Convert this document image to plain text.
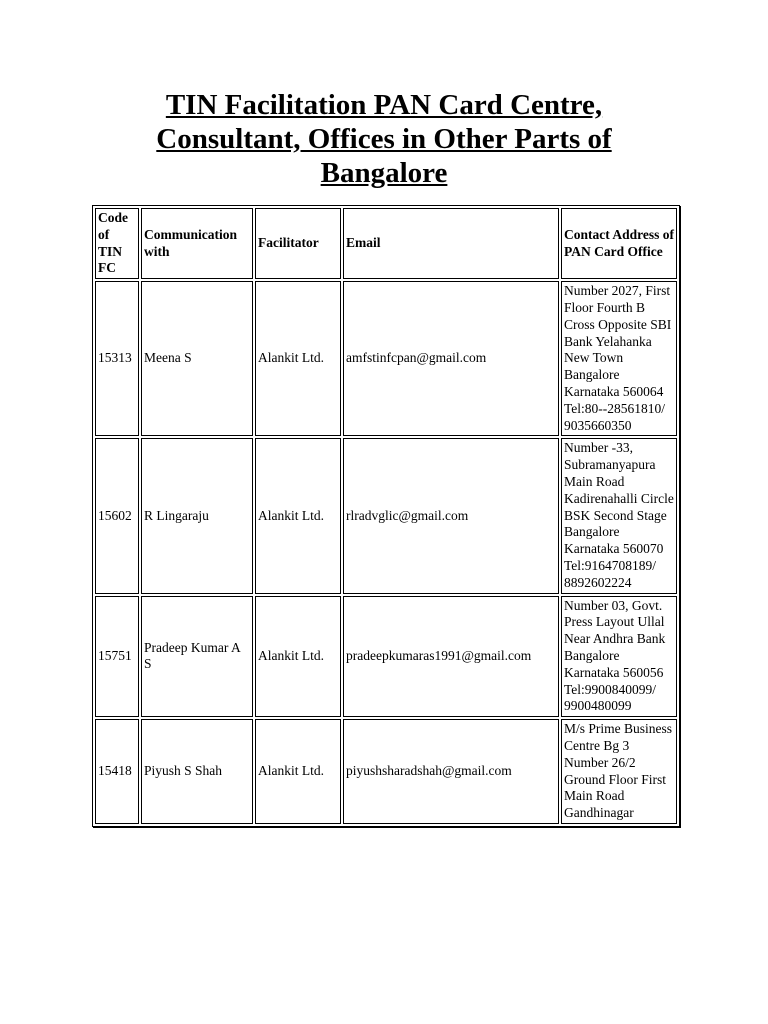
TIN Facilitation PAN Card Centre, Consultant, Offices in Other Parts of Bangalore
Code of TIN FC	Communication with	Facilitator	Email	Contact Address of PAN Card Office
15313	Meena S	Alankit Ltd.	amfstinfcpan@gmail.com	Number 2027, First Floor Fourth B Cross Opposite SBI Bank Yelahanka New Town Bangalore Karnataka 560064 Tel:80--28561810/ 9035660350
15602	R Lingaraju	Alankit Ltd.	rlradvglic@gmail.com	Number -33, Subramanyapura Main Road Kadirenahalli Circle BSK Second Stage Bangalore Karnataka 560070 Tel:9164708189/ 8892602224
15751	Pradeep Kumar A S	Alankit Ltd.	pradeepkumaras1991@gmail.com	Number 03, Govt. Press Layout Ullal Near Andhra Bank Bangalore Karnataka 560056 Tel:9900840099/ 9900480099
15418	Piyush S Shah	Alankit Ltd.	piyushsharadshah@gmail.com	M/s Prime Business Centre Bg 3 Number 26/2 Ground Floor First Main Road Gandhinagar
